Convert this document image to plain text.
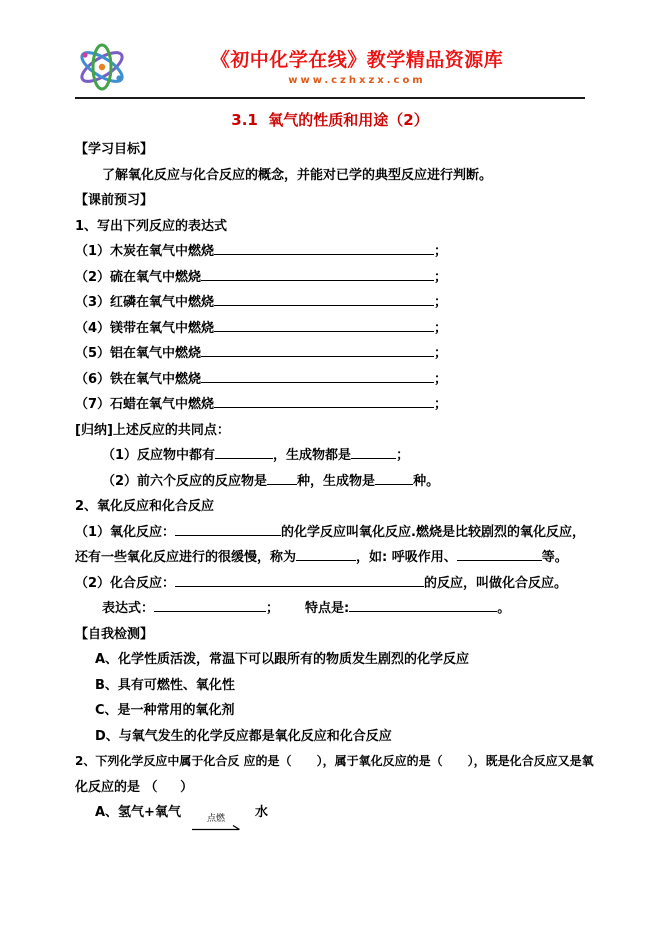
《初中化学在线》教学精品资源库
www.czhxzx.com
3.1  氧气的性质和用途（2）
【学习目标】
了解氧化反应与化合反应的概念，并能对已学的典型反应进行判断。
【课前预习】
1、写出下列反应的表达式
（1）木炭在氧气中燃烧	；
（2）硫在氧气中燃烧	；
（3）红磷在氧气中燃烧	；
（4）镁带在氧气中燃烧	；
（5）铝在氧气中燃烧	；
（6）铁在氧气中燃烧	；
（7）石蜡在氧气中燃烧	；
[归纳]上述反应的共同点：
（1）反应物中都有	，生成物都是	；
（2）前六个反应的反应物是 种，生成物是	种。
2、氧化反应和化合反应
（1）氧化反应：	的化学反应叫氧化反应.燃烧是比较剧烈的氧化反应，
还有一些氧化反应进行的很缓慢，称为	，如: 呼吸作用、	等。
（2）化合反应：	的反应，叫做化合反应。
表达式：	； 特点是:	。
【自我检测】
A、化学性质活泼，常温下可以跟所有的物质发生剧烈的化学反应
B、具有可燃性、氧化性
C、是一种常用的氧化剂
D、与氧气发生的化学反应都是氧化反应和化合反应
2、下列化学反应中属于化合反 应的是（      ），属于氧化反应的是（      ），既是化合反应又是氧
化反应的是 （     ）
A、氢气+氧气	点燃 水
